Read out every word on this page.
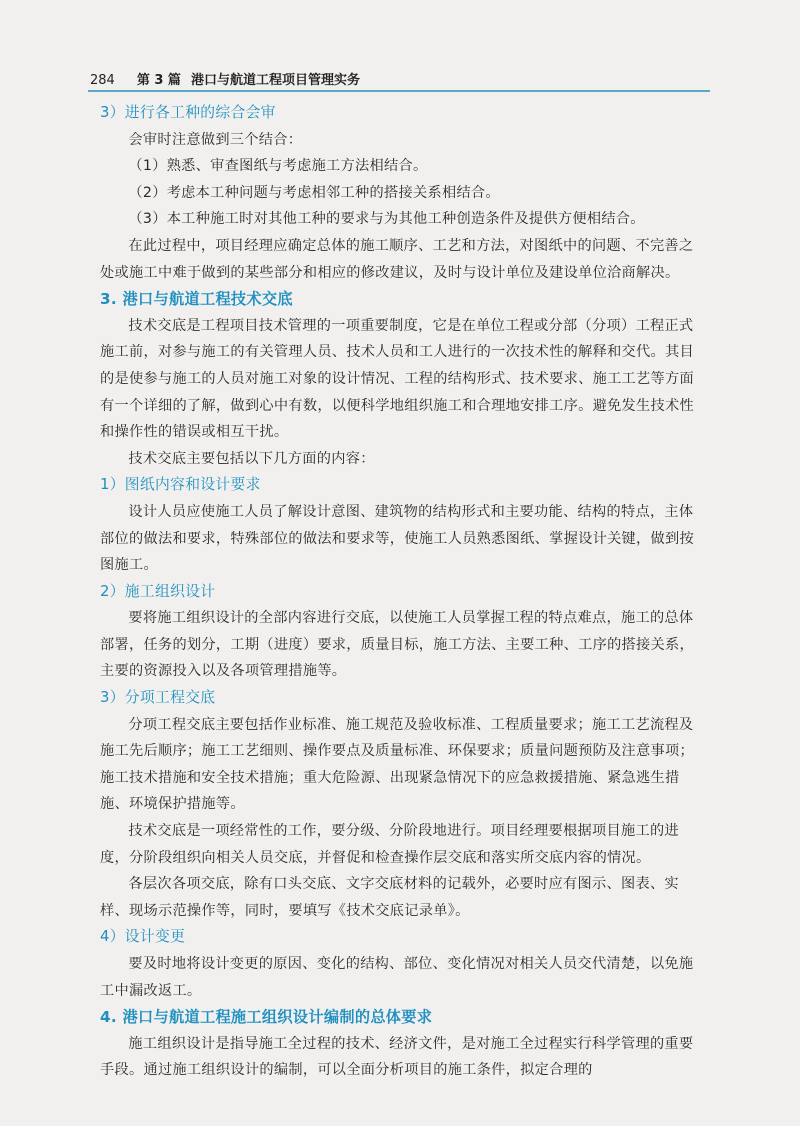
284 第 3 篇 港口与航道工程项目管理实务

3）进行各工种的综合会审

会审时注意做到三个结合：

（1）熟悉、审查图纸与考虑施工方法相结合。

（2）考虑本工种问题与考虑相邻工种的搭接关系相结合。

（3）本工种施工时对其他工种的要求与为其他工种创造条件及提供方便相结合。

在此过程中，项目经理应确定总体的施工顺序、工艺和方法，对图纸中的问题、不完善之处或施工中难于做到的某些部分和相应的修改建议，及时与设计单位及建设单位洽商解决。

3. 港口与航道工程技术交底

技术交底是工程项目技术管理的一项重要制度，它是在单位工程或分部（分项）工程正式施工前，对参与施工的有关管理人员、技术人员和工人进行的一次技术性的解释和交代。其目的是使参与施工的人员对施工对象的设计情况、工程的结构形式、技术要求、施工工艺等方面有一个详细的了解，做到心中有数，以便科学地组织施工和合理地安排工序。避免发生技术性和操作性的错误或相互干扰。

技术交底主要包括以下几方面的内容：

1）图纸内容和设计要求

设计人员应使施工人员了解设计意图、建筑物的结构形式和主要功能、结构的特点，主体部位的做法和要求，特殊部位的做法和要求等，使施工人员熟悉图纸、掌握设计关键，做到按图施工。

2）施工组织设计

要将施工组织设计的全部内容进行交底，以使施工人员掌握工程的特点难点，施工的总体部署，任务的划分，工期（进度）要求，质量目标，施工方法、主要工种、工序的搭接关系，主要的资源投入以及各项管理措施等。

3）分项工程交底

分项工程交底主要包括作业标准、施工规范及验收标准、工程质量要求；施工工艺流程及施工先后顺序；施工工艺细则、操作要点及质量标准、环保要求；质量问题预防及注意事项；施工技术措施和安全技术措施；重大危险源、出现紧急情况下的应急救援措施、紧急逃生措施、环境保护措施等。

技术交底是一项经常性的工作，要分级、分阶段地进行。项目经理要根据项目施工的进度，分阶段组织向相关人员交底，并督促和检查操作层交底和落实所交底内容的情况。

各层次各项交底，除有口头交底、文字交底材料的记载外，必要时应有图示、图表、实样、现场示范操作等，同时，要填写《技术交底记录单》。

4）设计变更

要及时地将设计变更的原因、变化的结构、部位、变化情况对相关人员交代清楚，以免施工中漏改返工。

4. 港口与航道工程施工组织设计编制的总体要求

施工组织设计是指导施工全过程的技术、经济文件，是对施工全过程实行科学管理的重要手段。通过施工组织设计的编制，可以全面分析项目的施工条件，拟定合理的
